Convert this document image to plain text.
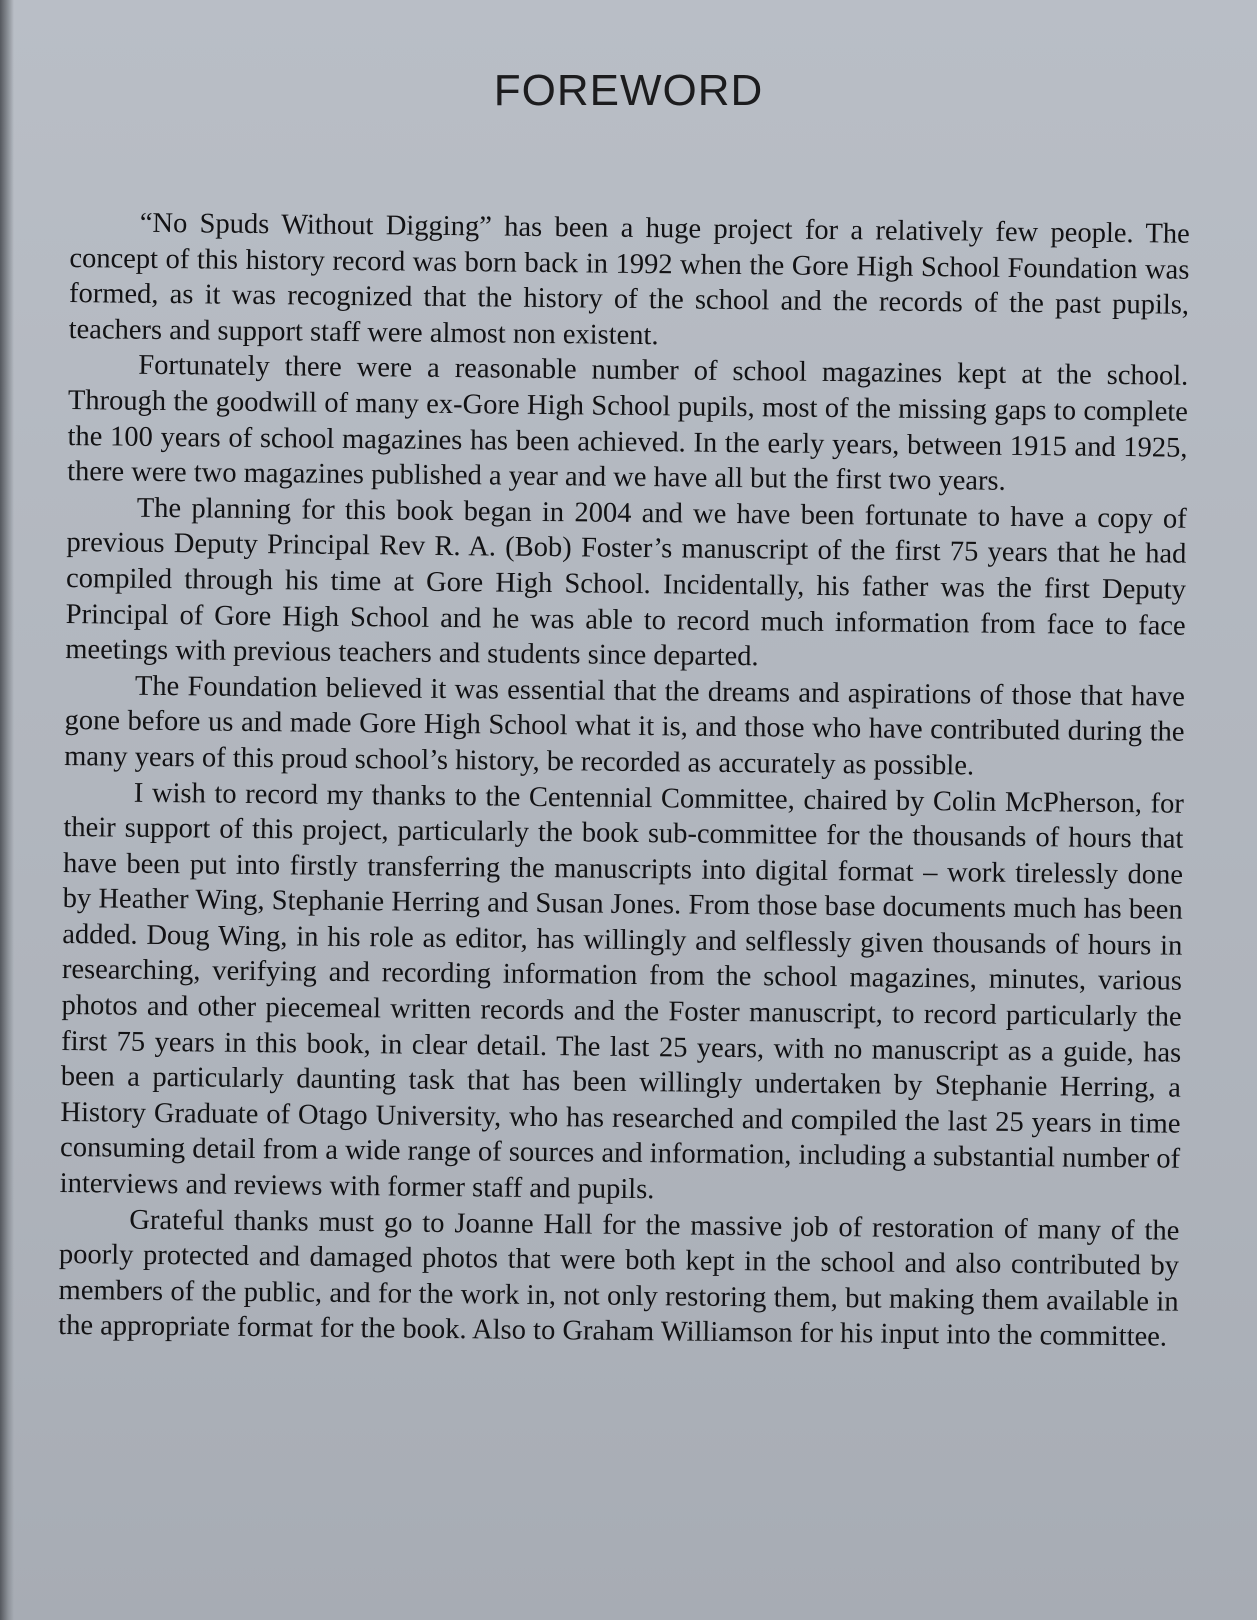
FOREWORD

“No Spuds Without Digging” has been a huge project for a relatively few people. The concept of this history record was born back in 1992 when the Gore High School Foundation was formed, as it was recognized that the history of the school and the records of the past pupils, teachers and support staff were almost non existent.

Fortunately there were a reasonable number of school magazines kept at the school. Through the goodwill of many ex-Gore High School pupils, most of the missing gaps to complete the 100 years of school magazines has been achieved. In the early years, between 1915 and 1925, there were two magazines published a year and we have all but the first two years.

The planning for this book began in 2004 and we have been fortunate to have a copy of previous Deputy Principal Rev R. A. (Bob) Foster’s manuscript of the first 75 years that he had compiled through his time at Gore High School. Incidentally, his father was the first Deputy Principal of Gore High School and he was able to record much information from face to face meetings with previous teachers and students since departed.

The Foundation believed it was essential that the dreams and aspirations of those that have gone before us and made Gore High School what it is, and those who have contributed during the many years of this proud school’s history, be recorded as accurately as possible.

I wish to record my thanks to the Centennial Committee, chaired by Colin McPherson, for their support of this project, particularly the book sub-committee for the thousands of hours that have been put into firstly transferring the manuscripts into digital format – work tirelessly done by Heather Wing, Stephanie Herring and Susan Jones. From those base documents much has been added. Doug Wing, in his role as editor, has willingly and selflessly given thousands of hours in researching, verifying and recording information from the school magazines, minutes, various photos and other piecemeal written records and the Foster manuscript, to record particularly the first 75 years in this book, in clear detail. The last 25 years, with no manuscript as a guide, has been a particularly daunting task that has been willingly undertaken by Stephanie Herring, a History Graduate of Otago University, who has researched and compiled the last 25 years in time consuming detail from a wide range of sources and information, including a substantial number of interviews and reviews with former staff and pupils.

Grateful thanks must go to Joanne Hall for the massive job of restoration of many of the poorly protected and damaged photos that were both kept in the school and also contributed by members of the public, and for the work in, not only restoring them, but making them available in the appropriate format for the book. Also to Graham Williamson for his input into the committee.
